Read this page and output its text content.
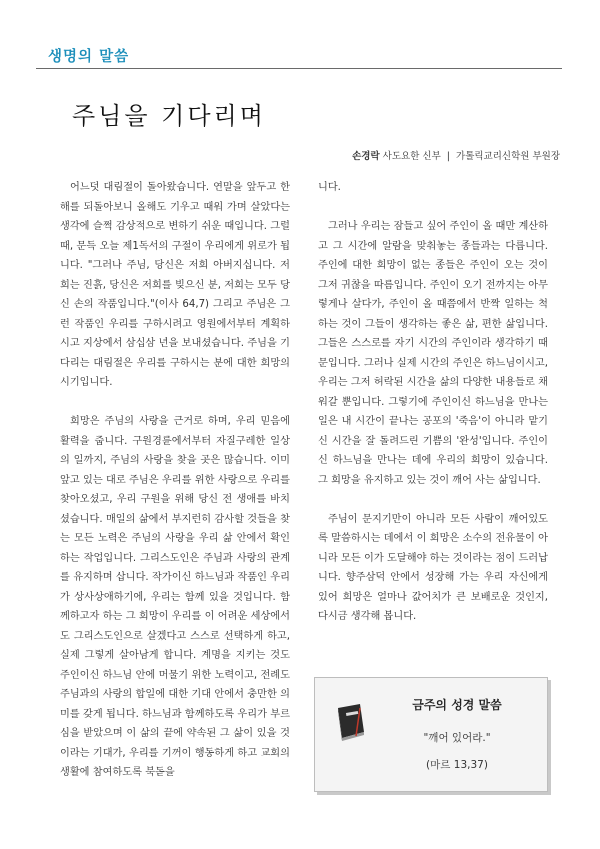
생명의 말씀
주님을 기다리며
손경락 사도요한 신부 | 가톨릭교리신학원 부원장

어느덧 대림절이 돌아왔습니다. 연말을 앞두고 한 해를 되돌아보니 올해도 기우고 때워 가며 살았다는 생각에 슬쩍 감상적으로 변하기 쉬운 때입니다. 그럴 때, 문득 오늘 제1독서의 구절이 우리에게 위로가 됩니다. "그러나 주님, 당신은 저희 아버지십니다. 저희는 진흙, 당신은 저희를 빚으신 분, 저희는 모두 당신 손의 작품입니다."(이사 64,7) 그리고 주님은 그런 작품인 우리를 구하시려고 영원에서부터 계획하시고 지상에서 삼십삼 년을 보내셨습니다. 주님을 기다리는 대림절은 우리를 구하시는 분에 대한 희망의 시기입니다.

희망은 주님의 사랑을 근거로 하며, 우리 믿음에 활력을 줍니다. 구원경륜에서부터 자질구레한 일상의 일까지, 주님의 사랑을 찾을 곳은 많습니다. 이미 앞고 있는 대로 주님은 우리를 위한 사랑으로 우리를 찾아오셨고, 우리 구원을 위해 당신 전 생애를 바치셨습니다. 매일의 삶에서 부지런히 감사할 것들을 찾는 모든 노력은 주님의 사랑을 우리 삶 안에서 확인하는 작업입니다. 그리스도인은 주님과 사랑의 관계를 유지하며 삽니다. 작가이신 하느님과 작품인 우리가 상사상애하기에, 우리는 함께 있을 것입니다. 함께하고자 하는 그 희망이 우리를 이 어려운 세상에서도 그리스도인으로 살겠다고 스스로 선택하게 하고, 실제 그렇게 살아남게 합니다. 계명을 지키는 것도 주인이신 하느님 안에 머물기 위한 노력이고, 전례도 주님과의 사랑의 합일에 대한 기대 안에서 충만한 의미를 갖게 됩니다. 하느님과 함께하도록 우리가 부르심을 받았으며 이 삶의 끝에 약속된 그 삶이 있을 것이라는 기대가, 우리를 기꺼이 행동하게 하고 교회의 생활에 참여하도록 북돋을

니다.

그러나 우리는 잠들고 싶어 주인이 올 때만 계산하고 그 시간에 알람을 맞춰놓는 종들과는 다릅니다. 주인에 대한 희망이 없는 종들은 주인이 오는 것이 그저 귀찮을 따름입니다. 주인이 오기 전까지는 아무렇게나 살다가, 주인이 올 때쯤에서 반짝 일하는 척하는 것이 그들이 생각하는 좋은 삶, 편한 삶입니다. 그들은 스스로를 자기 시간의 주인이라 생각하기 때문입니다. 그러나 실제 시간의 주인은 하느님이시고, 우리는 그저 허락된 시간을 삶의 다양한 내용들로 채워갈 뿐입니다. 그렇기에 주인이신 하느님을 만나는 일은 내 시간이 끝나는 공포의 '죽음'이 아니라 맡기신 시간을 잘 돌려드린 기쁨의 '완성'입니다. 주인이신 하느님을 만나는 데에 우리의 희망이 있습니다. 그 희망을 유지하고 있는 것이 깨어 사는 삶입니다.

주님이 문지기만이 아니라 모든 사람이 깨어있도록 말씀하시는 데에서 이 희망은 소수의 전유물이 아니라 모든 이가 도달해야 하는 것이라는 점이 드러납니다. 향주삼덕 안에서 성장해 가는 우리 자신에게 있어 희망은 얼마나 값어치가 큰 보배로운 것인지, 다시금 생각해 봅니다.

금주의 성경 말씀
"깨어 있어라."
(마르 13,37)
